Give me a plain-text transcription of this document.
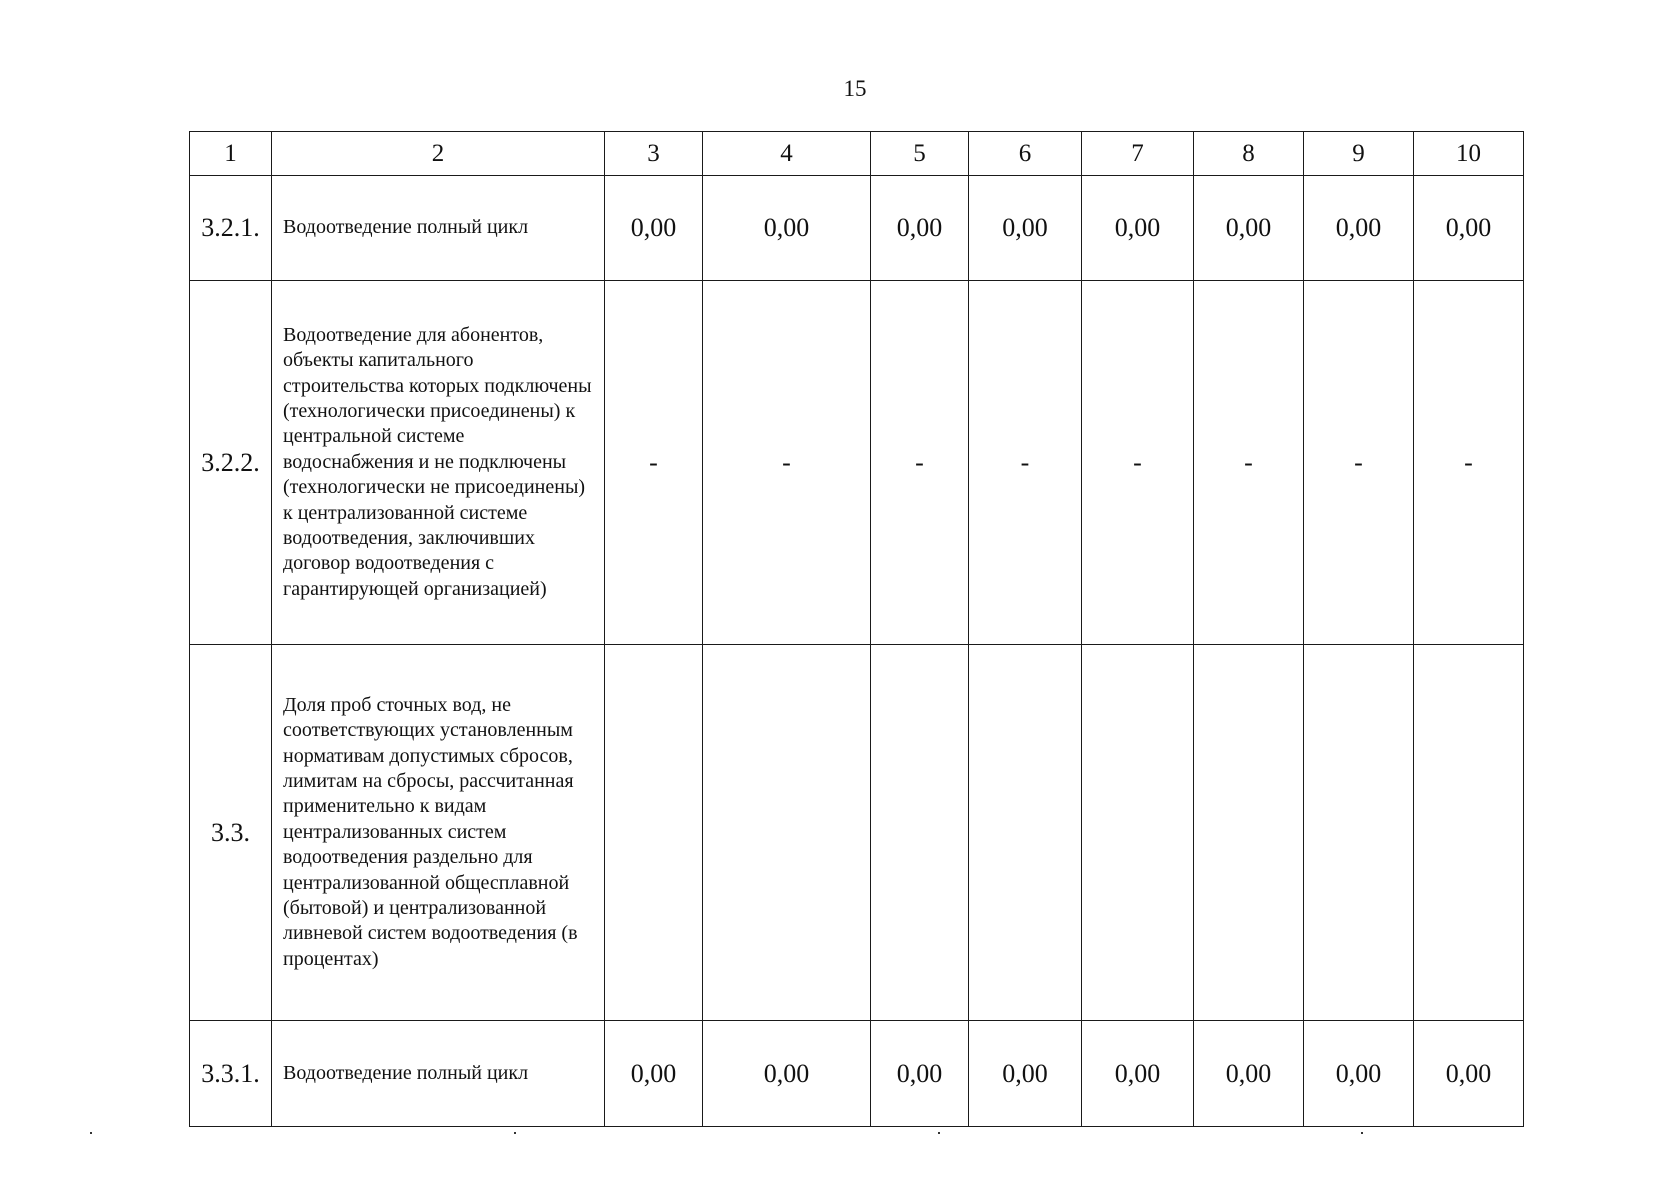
15
1	2	3	4	5	6	7	8	9	10
3.2.1.	Водоотведение полный цикл	0,00	0,00	0,00	0,00	0,00	0,00	0,00	0,00
3.2.2.	Водоотведение для абонентов, объекты капитального строительства которых подключены (технологически присоединены) к центральной системе водоснабжения и не подключены (технологически не присоединены) к централизованной системе водоотведения, заключивших договор водоотведения с гарантирующей организацией)	-	-	-	-	-	-	-	-
3.3.	Доля проб сточных вод, не соответствующих установленным нормативам допустимых сбросов, лимитам на сбросы, рассчитанная применительно к видам централизованных систем водоотведения раздельно для централизованной общесплавной (бытовой) и централизованной ливневой систем водоотведения (в процентах)								
3.3.1.	Водоотведение полный цикл	0,00	0,00	0,00	0,00	0,00	0,00	0,00	0,00
